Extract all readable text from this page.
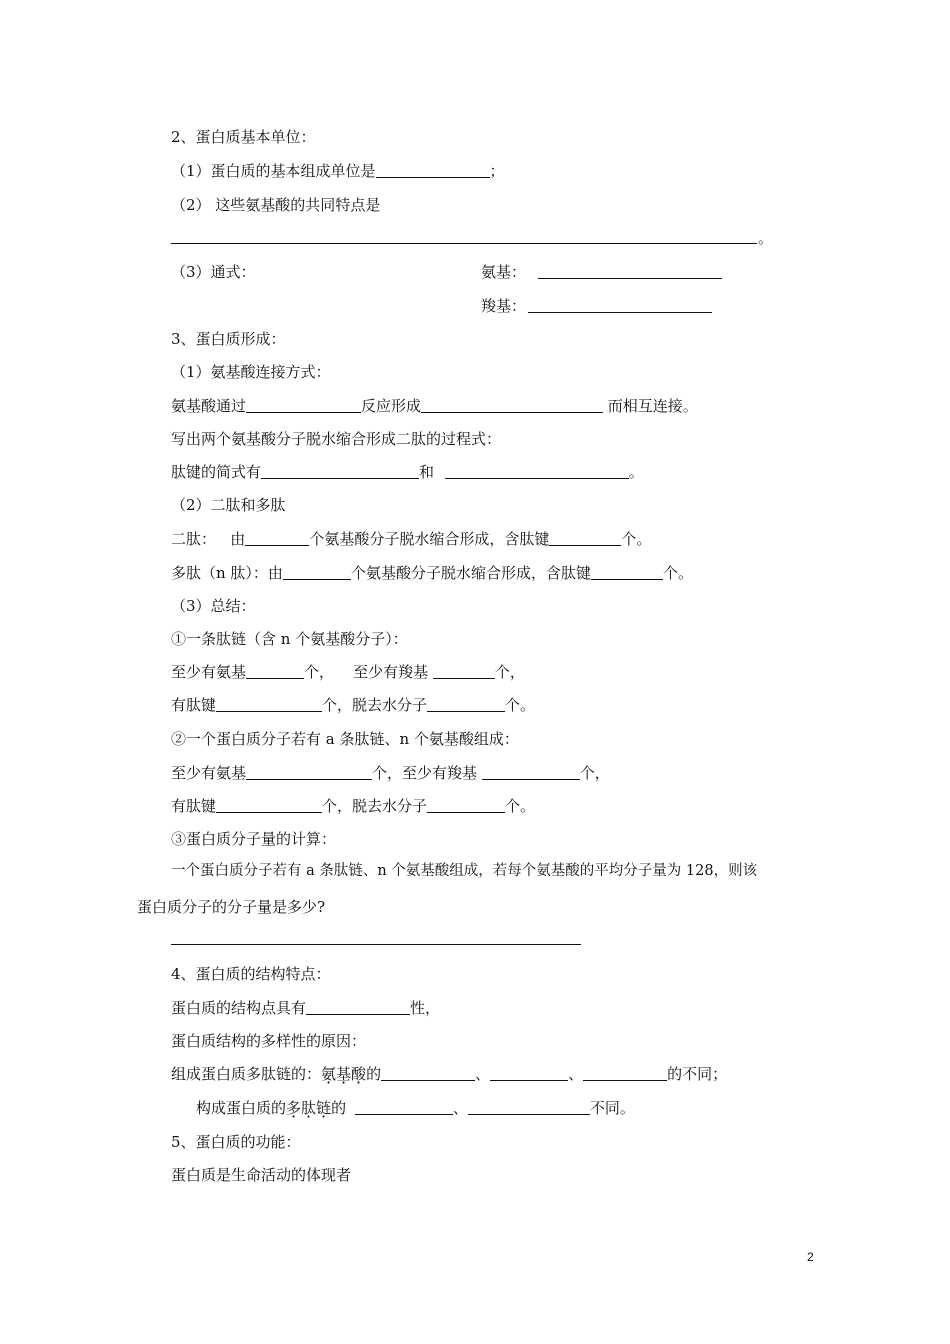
2、蛋白质基本单位：
（1）蛋白质的基本组成单位是	；
（2） 这些氨基酸的共同特点是
。
（3）通式：	氨基：
羧基：
3、蛋白质形成：
（1）氨基酸连接方式：
氨基酸通过	反应形成	而相互连接。
写出两个氨基酸分子脱水缩合形成二肽的过程式：
肽键的简式有	和	。
（2）二肽和多肽
二肽：   由	个氨基酸分子脱水缩合形成，含肽键	个。
多肽（n 肽）：由	个氨基酸分子脱水缩合形成，含肽键	个。
（3）总结：
①一条肽链（含 n 个氨基酸分子）：
至少有氨基	个，    至少有羧基	个，
有肽键	个，脱去水分子	个。
②一个蛋白质分子若有 a 条肽链、n 个氨基酸组成：
至少有氨基	个，至少有羧基	个，
有肽键	个，脱去水分子	个。
③蛋白质分子量的计算：
一个蛋白质分子若有 a 条肽链、n 个氨基酸组成，若每个氨基酸的平均分子量为 128，则该
蛋白质分子的分子量是多少?
4、蛋白质的结构特点：
蛋白质的结构点具有	性，
蛋白质结构的多样性的原因：
组成蛋白质多肽链的：氨基酸的	、	、	的不同；
构成蛋白质的多肽链的	、	不同。
5、蛋白质的功能：
蛋白质是生命活动的体现者
2
